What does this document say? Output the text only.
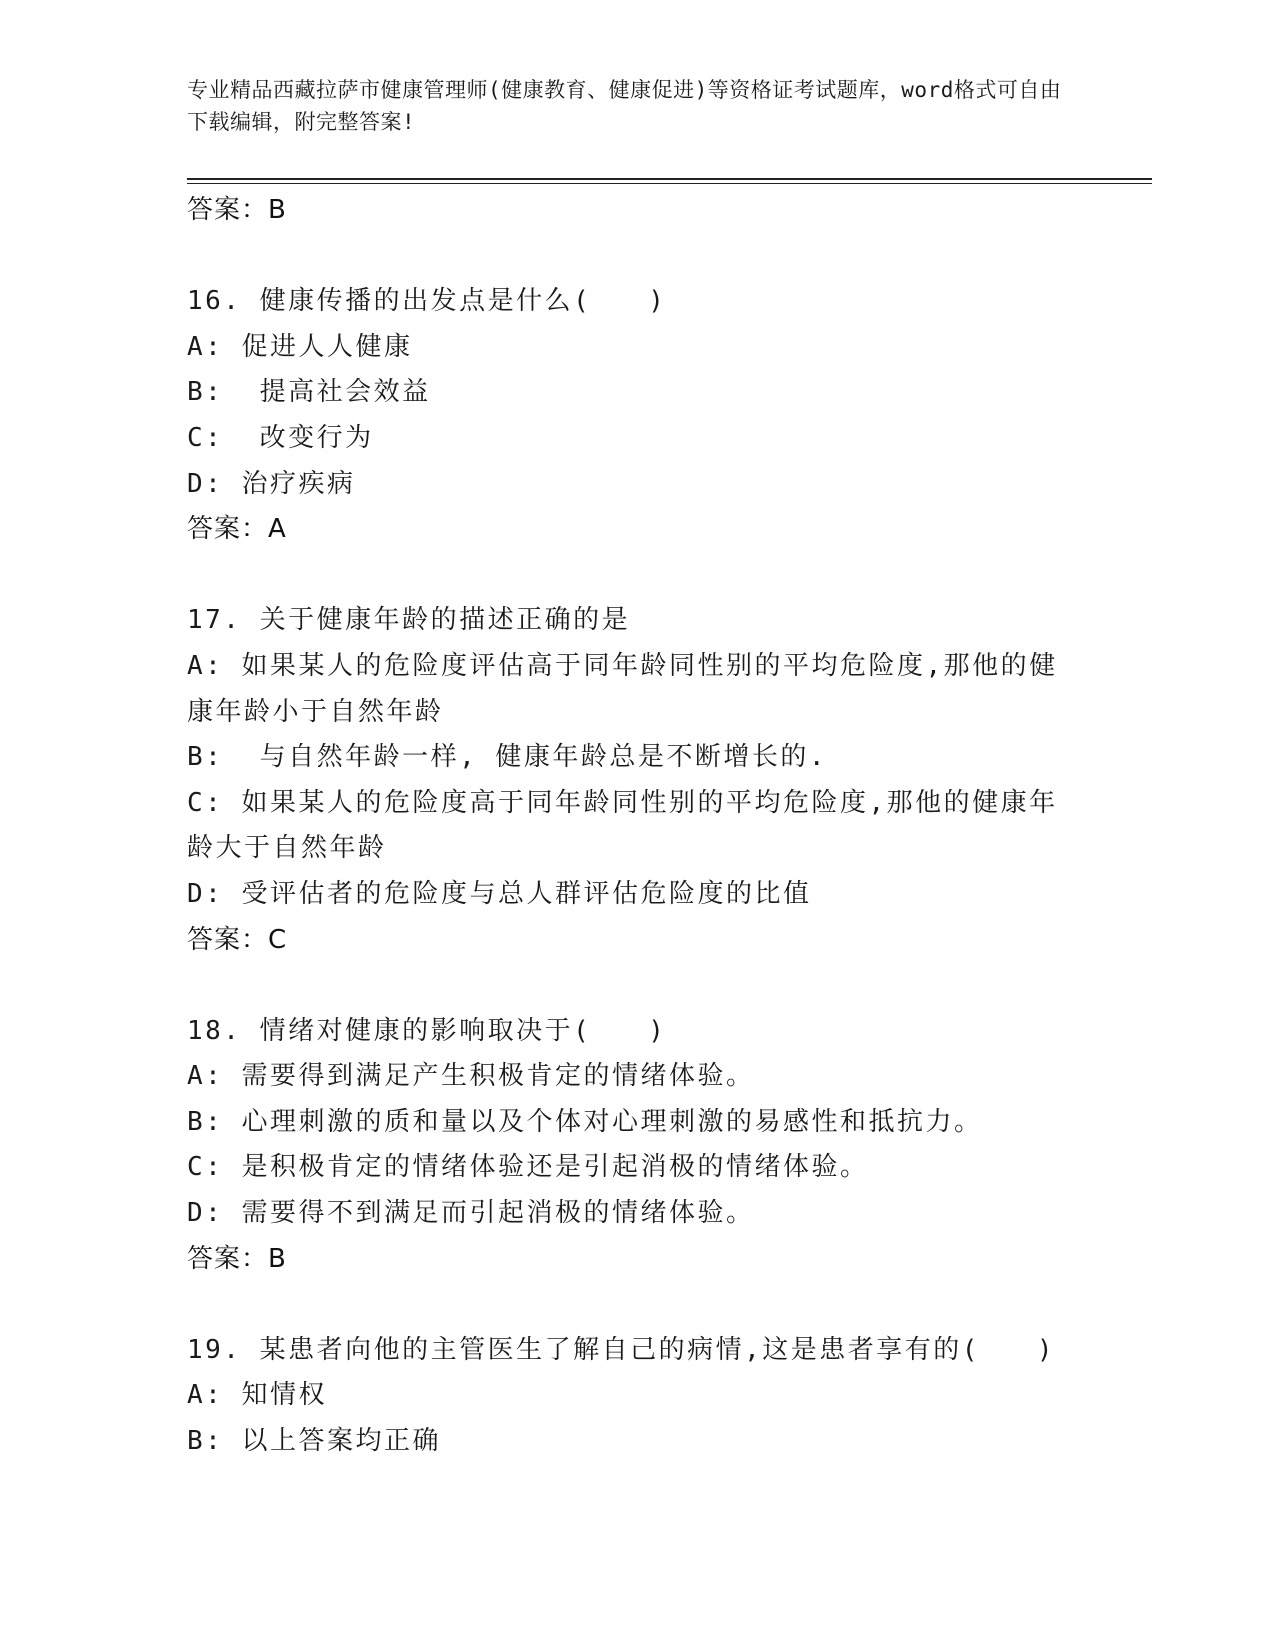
专业精品西藏拉萨市健康管理师(健康教育、健康促进)等资格证考试题库，word格式可自由下载编辑，附完整答案!
答案：B
16. 健康传播的出发点是什么(　　)
A: 促进人人健康
B:  提高社会效益
C:  改变行为
D: 治疗疾病
答案：A
17. 关于健康年龄的描述正确的是
A: 如果某人的危险度评估高于同年龄同性别的平均危险度,那他的健康年龄小于自然年龄
B:  与自然年龄一样, 健康年龄总是不断增长的.
C: 如果某人的危险度高于同年龄同性别的平均危险度,那他的健康年龄大于自然年龄
D: 受评估者的危险度与总人群评估危险度的比值
答案：C
18. 情绪对健康的影响取决于(　　)
A: 需要得到满足产生积极肯定的情绪体验。
B: 心理刺激的质和量以及个体对心理刺激的易感性和抵抗力。
C: 是积极肯定的情绪体验还是引起消极的情绪体验。
D: 需要得不到满足而引起消极的情绪体验。
答案：B
19. 某患者向他的主管医生了解自己的病情,这是患者享有的(　　)
A: 知情权
B: 以上答案均正确
